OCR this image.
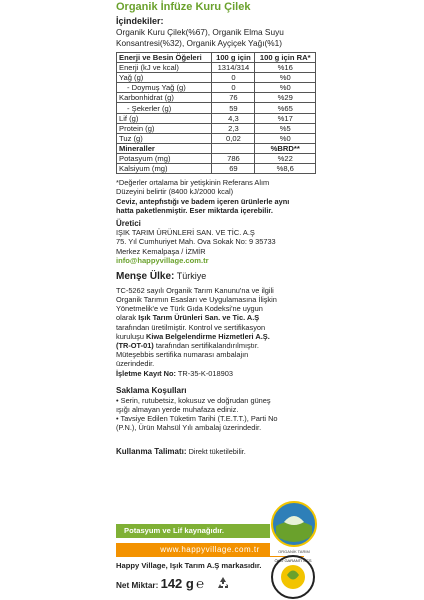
Organik İnfüze Kuru Çilek
İçindekiler:
Organik Kuru Çilek(%67), Organik Elma Suyu
Konsantresi(%32), Organik Ayçiçek Yağı(%1)
Enerji ve Besin Öğeleri	100 g için	100 g için RA*
Enerji (kJ ve kcal)	1314/314	%16
Yağ (g)	0	%0
- Doymuş Yağ (g)	0	%0
Karbonhidrat (g)	76	%29
- Şekerler (g)	59	%65
Lif (g)	4,3	%17
Protein (g)	2,3	%5
Tuz (g)	0,02	%0
Mineraller		%BRD**
Potasyum (mg)	786	%22
Kalsiyum (mg)	69	%8,6
*Değerler ortalama bir yetişkinin Referans Alım
Düzeyini belirtir (8400 kJ/2000 kcal)
Ceviz, antepfıstığı ve badem içeren ürünlerle aynı
hatta paketlenmiştir. Eser miktarda içerebilir.
Üretici
IŞIK TARIM ÜRÜNLERİ SAN. VE TİC. A.Ş
75. Yıl Cumhuriyet Mah. Ova Sokak No: 9 35733
Merkez Kemalpaşa / İZMİR
info@happyvillage.com.tr
Menşe Ülke: Türkiye
TC-5262 sayılı Organik Tarım Kanunu'na ve ilgili
Organik Tarımın Esasları ve Uygulamasına İlişkin
Yönetmelik'e ve Türk Gıda Kodeksi'ne uygun
olarak Işık Tarım Ürünleri San. ve Tic. A.Ş
tarafından üretilmiştir. Kontrol ve sertifikasyon
kuruluşu Kiwa Belgelendirme Hizmetleri A.Ş.
(TR-OT-01) tarafından sertifikalandırılmıştır.
Müteşebbis sertifika numarası ambalajın
üzerindedir.
İşletme Kayıt No: TR-35-K-018903
Saklama Koşulları
• Serin, rutubetsiz, kokusuz ve doğrudan güneş
ışığı almayan yerde muhafaza ediniz.
• Tavsiye Edilen Tüketim Tarihi (T.E.T.T.), Parti No
(P.N.), Ürün Mahsül Yılı ambalaj üzerindedir.
Kullanma Talimatı: Direkt tüketilebilir.
Potasyum ve Lif kaynağıdır.
www.happyvillage.com.tr
Happy Village, Işık Tarım A.Ş markasıdır.
Net Miktar: 142 g ℮
ORGANİK TARIM
ÖKO GARANTİ BCS
